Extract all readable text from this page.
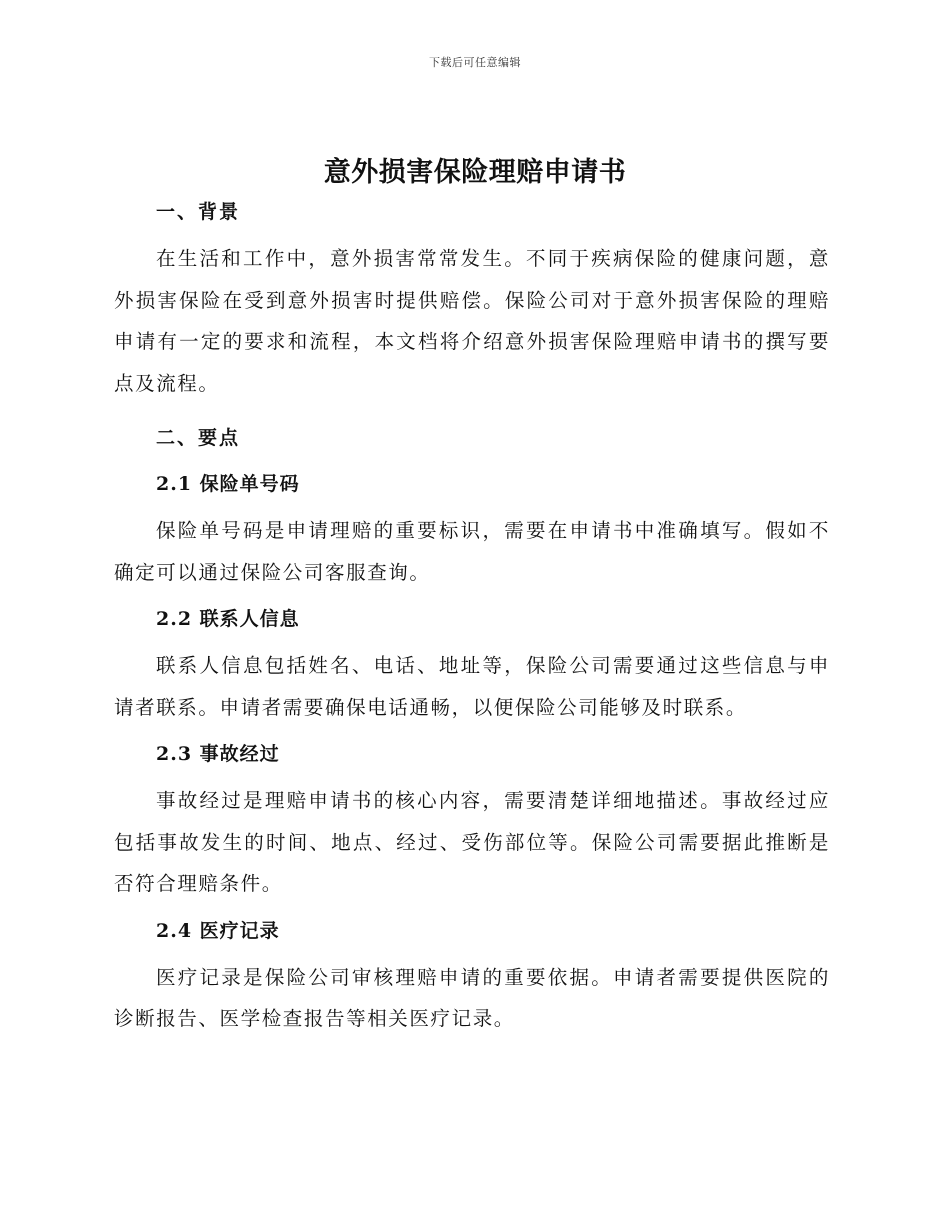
下载后可任意编辑
意外损害保险理赔申请书
一、背景

在生活和工作中，意外损害常常发生。不同于疾病保险的健康问题，意外损害保险在受到意外损害时提供赔偿。保险公司对于意外损害保险的理赔申请有一定的要求和流程，本文档将介绍意外损害保险理赔申请书的撰写要点及流程。

二、要点
2.1 保险单号码

保险单号码是申请理赔的重要标识，需要在申请书中准确填写。假如不确定可以通过保险公司客服查询。

2.2 联系人信息

联系人信息包括姓名、电话、地址等，保险公司需要通过这些信息与申请者联系。申请者需要确保电话通畅，以便保险公司能够及时联系。

2.3 事故经过

事故经过是理赔申请书的核心内容，需要清楚详细地描述。事故经过应包括事故发生的时间、地点、经过、受伤部位等。保险公司需要据此推断是否符合理赔条件。

2.4 医疗记录

医疗记录是保险公司审核理赔申请的重要依据。申请者需要提供医院的诊断报告、医学检查报告等相关医疗记录。
